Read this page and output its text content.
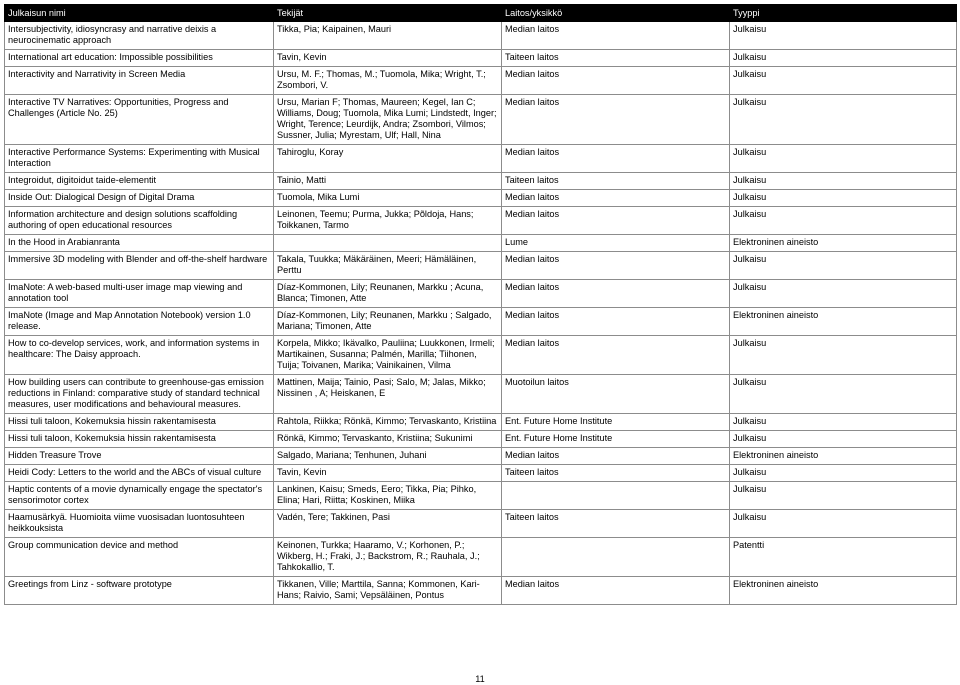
Julkaisun nimi	Tekijät	Laitos/yksikkö	Tyyppi
Intersubjectivity, idiosyncrasy and narrative deixis a neurocinematic approach	Tikka, Pia; Kaipainen, Mauri	Median laitos	Julkaisu
International art education: Impossible possibilities	Tavin, Kevin	Taiteen laitos	Julkaisu
Interactivity and Narrativity in Screen Media	Ursu, M. F.; Thomas, M.; Tuomola, Mika; Wright, T.; Zsombori, V.	Median laitos	Julkaisu
Interactive TV Narratives: Opportunities, Progress and Challenges (Article No. 25)	Ursu, Marian F; Thomas, Maureen; Kegel, Ian C; Williams, Doug; Tuomola, Mika Lumi; Lindstedt, Inger; Wright, Terence; Leurdijk, Andra; Zsombori, Vilmos; Sussner, Julia; Myrestam, Ulf; Hall, Nina	Median laitos	Julkaisu
Interactive Performance Systems: Experimenting with Musical Interaction	Tahiroglu, Koray	Median laitos	Julkaisu
Integroidut, digitoidut taide-elementit	Tainio, Matti	Taiteen laitos	Julkaisu
Inside Out: Dialogical Design of Digital Drama	Tuomola, Mika Lumi	Median laitos	Julkaisu
Information architecture and design solutions scaffolding authoring of open educational resources	Leinonen, Teemu; Purma, Jukka; Põldoja, Hans; Toikkanen, Tarmo	Median laitos	Julkaisu
In the Hood in Arabianranta		Lume	Elektroninen aineisto
Immersive 3D modeling with Blender and off-the-shelf hardware	Takala, Tuukka; Mäkäräinen, Meeri; Hämäläinen, Perttu	Median laitos	Julkaisu
ImaNote: A web-based multi-user image map viewing and annotation tool	Díaz-Kommonen, Lily; Reunanen, Markku ; Acuna, Blanca; Timonen, Atte	Median laitos	Julkaisu
ImaNote (Image and Map Annotation Notebook) version 1.0 release.	Díaz-Kommonen, Lily; Reunanen, Markku ; Salgado, Mariana; Timonen, Atte	Median laitos	Elektroninen aineisto
How to co-develop services, work, and information systems in healthcare: The Daisy approach.	Korpela, Mikko; Ikävalko, Pauliina; Luukkonen, Irmeli; Martikainen, Susanna; Palmén, Marilla; Tiihonen, Tuija; Toivanen, Marika; Vainikainen, Vilma	Median laitos	Julkaisu
How building users can contribute to greenhouse-gas emission reductions in Finland: comparative study of standard technical measures, user modifications and behavioural measures.	Mattinen, Maija; Tainio, Pasi; Salo, M; Jalas, Mikko; Nissinen , A; Heiskanen, E	Muotoilun laitos	Julkaisu
Hissi tuli taloon, Kokemuksia hissin rakentamisesta	Rahtola, Riikka; Rönkä, Kimmo; Tervaskanto, Kristiina	Ent. Future Home Institute	Julkaisu
Hissi tuli taloon, Kokemuksia hissin rakentamisesta	Rönkä, Kimmo; Tervaskanto, Kristiina; Sukunimi	Ent. Future Home Institute	Julkaisu
Hidden Treasure Trove	Salgado, Mariana; Tenhunen, Juhani	Median laitos	Elektroninen aineisto
Heidi Cody: Letters to the world and the ABCs of visual culture	Tavin, Kevin	Taiteen laitos	Julkaisu
Haptic contents of a movie dynamically engage the spectator's sensorimotor cortex	Lankinen, Kaisu; Smeds, Eero; Tikka, Pia; Pihko, Elina; Hari, Riitta; Koskinen, Miika		Julkaisu
Haamusärkyä. Huomioita viime vuosisadan luontosuhteen heikkouksista	Vadén, Tere; Takkinen, Pasi	Taiteen laitos	Julkaisu
Group communication device and method	Keinonen, Turkka; Haaramo, V.; Korhonen, P.; Wikberg, H.; Fraki, J.; Backstrom, R.; Rauhala, J.; Tahkokallio, T.		Patentti
Greetings from Linz - software prototype	Tikkanen, Ville; Marttila, Sanna; Kommonen, Kari-Hans; Raivio, Sami; Vepsäläinen, Pontus	Median laitos	Elektroninen aineisto
11
